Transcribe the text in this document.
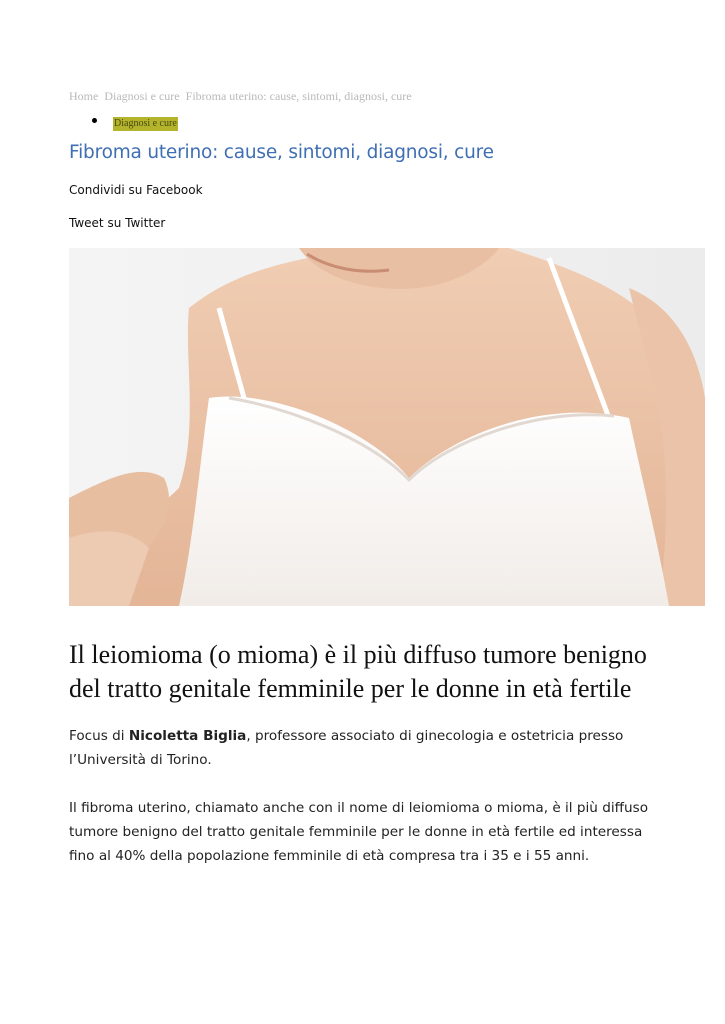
Home Diagnosi e cure Fibroma uterino: cause, sintomi, diagnosi, cure
Diagnosi e cure
Fibroma uterino: cause, sintomi, diagnosi, cure
Condividi su Facebook
Tweet su Twitter
Il leiomioma (o mioma) è il più diffuso tumore benigno del tratto genitale femminile per le donne in età fertile

Focus di Nicoletta Biglia, professore associato di ginecologia e ostetricia presso l’Università di Torino.

Il fibroma uterino, chiamato anche con il nome di leiomioma o mioma, è il più diffuso tumore benigno del tratto genitale femminile per le donne in età fertile ed interessa fino al 40% della popolazione femminile di età compresa tra i 35 e i 55 anni.
